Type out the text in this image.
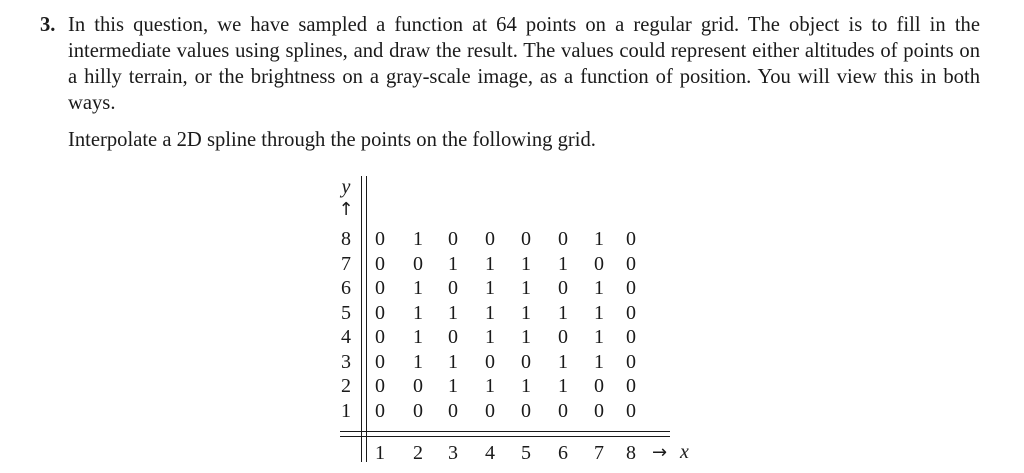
3. In this question, we have sampled a function at 64 points on a regular grid. The object is to fill in the intermediate values using splines, and draw the result. The values could represent either altitudes of points on a hilly terrain, or the brightness on a gray-scale image, as a function of position. You will view this in both ways.
Interpolate a 2D spline through the points on the following grid.
y
↑
→ x
8	0	1	0	0	0	0	1	0
7	0	0	1	1	1	1	0	0
6	0	1	0	1	1	0	1	0
5	0	1	1	1	1	1	1	0
4	0	1	0	1	1	0	1	0
3	0	1	1	0	0	1	1	0
2	0	0	1	1	1	1	0	0
1	0	0	0	0	0	0	0	0
1	2	3	4	5	6	7	8
